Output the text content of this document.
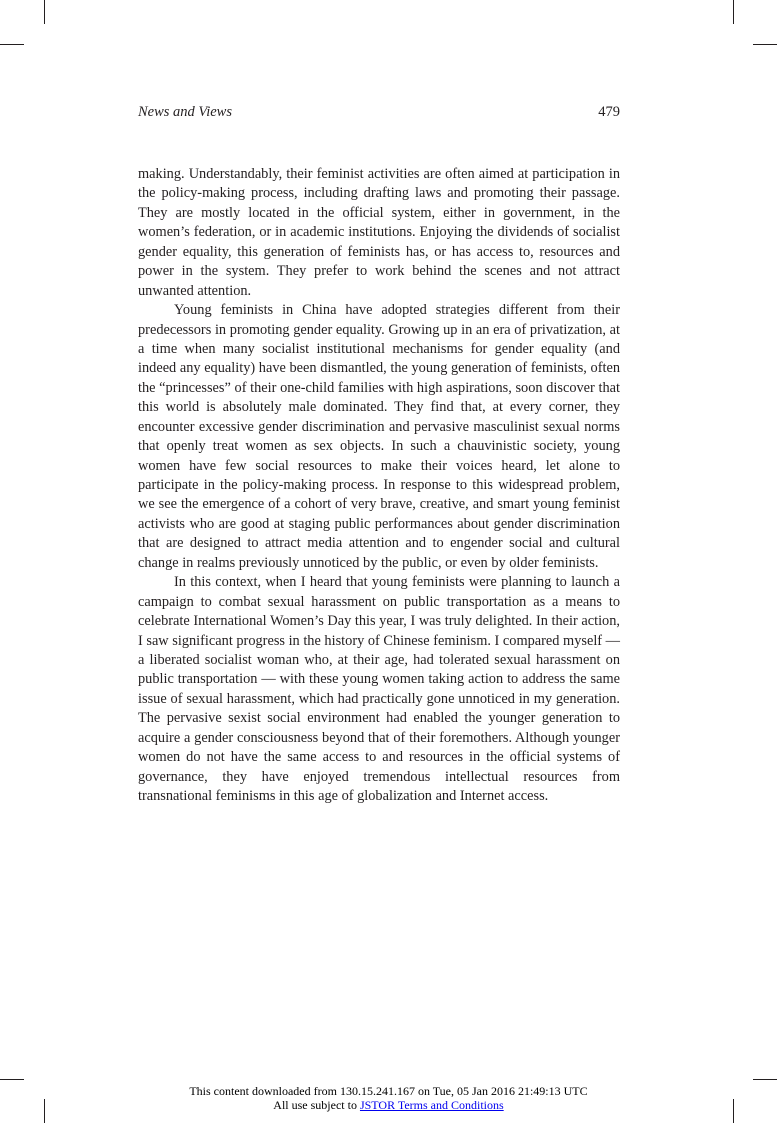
News and Views	479

making. Understandably, their feminist activities are often aimed at participation in the policy-making process, including drafting laws and promoting their passage. They are mostly located in the official system, either in government, in the women’s federation, or in academic institutions. Enjoying the dividends of socialist gender equality, this generation of feminists has, or has access to, resources and power in the system. They prefer to work behind the scenes and not attract unwanted attention.

Young feminists in China have adopted strategies different from their predecessors in promoting gender equality. Growing up in an era of privatization, at a time when many socialist institutional mechanisms for gender equality (and indeed any equality) have been dismantled, the young generation of feminists, often the “princesses” of their one-child families with high aspirations, soon discover that this world is absolutely male dominated. They find that, at every corner, they encounter excessive gender discrimination and pervasive masculinist sexual norms that openly treat women as sex objects. In such a chauvinistic society, young women have few social resources to make their voices heard, let alone to participate in the policy-making process. In response to this widespread problem, we see the emergence of a cohort of very brave, creative, and smart young feminist activists who are good at staging public performances about gender discrimination that are designed to attract media attention and to engender social and cultural change in realms previously unnoticed by the public, or even by older feminists.

In this context, when I heard that young feminists were planning to launch a campaign to combat sexual harassment on public transportation as a means to celebrate International Women’s Day this year, I was truly delighted. In their action, I saw significant progress in the history of Chinese feminism. I compared myself — a liberated socialist woman who, at their age, had tolerated sexual harassment on public transportation — with these young women taking action to address the same issue of sexual harassment, which had practically gone unnoticed in my generation. The pervasive sexist social environment had enabled the younger generation to acquire a gender consciousness beyond that of their foremothers. Although younger women do not have the same access to and resources in the official systems of governance, they have enjoyed tremendous intellectual resources from transnational feminisms in this age of globalization and Internet access.

This content downloaded from 130.15.241.167 on Tue, 05 Jan 2016 21:49:13 UTC
All use subject to JSTOR Terms and Conditions
